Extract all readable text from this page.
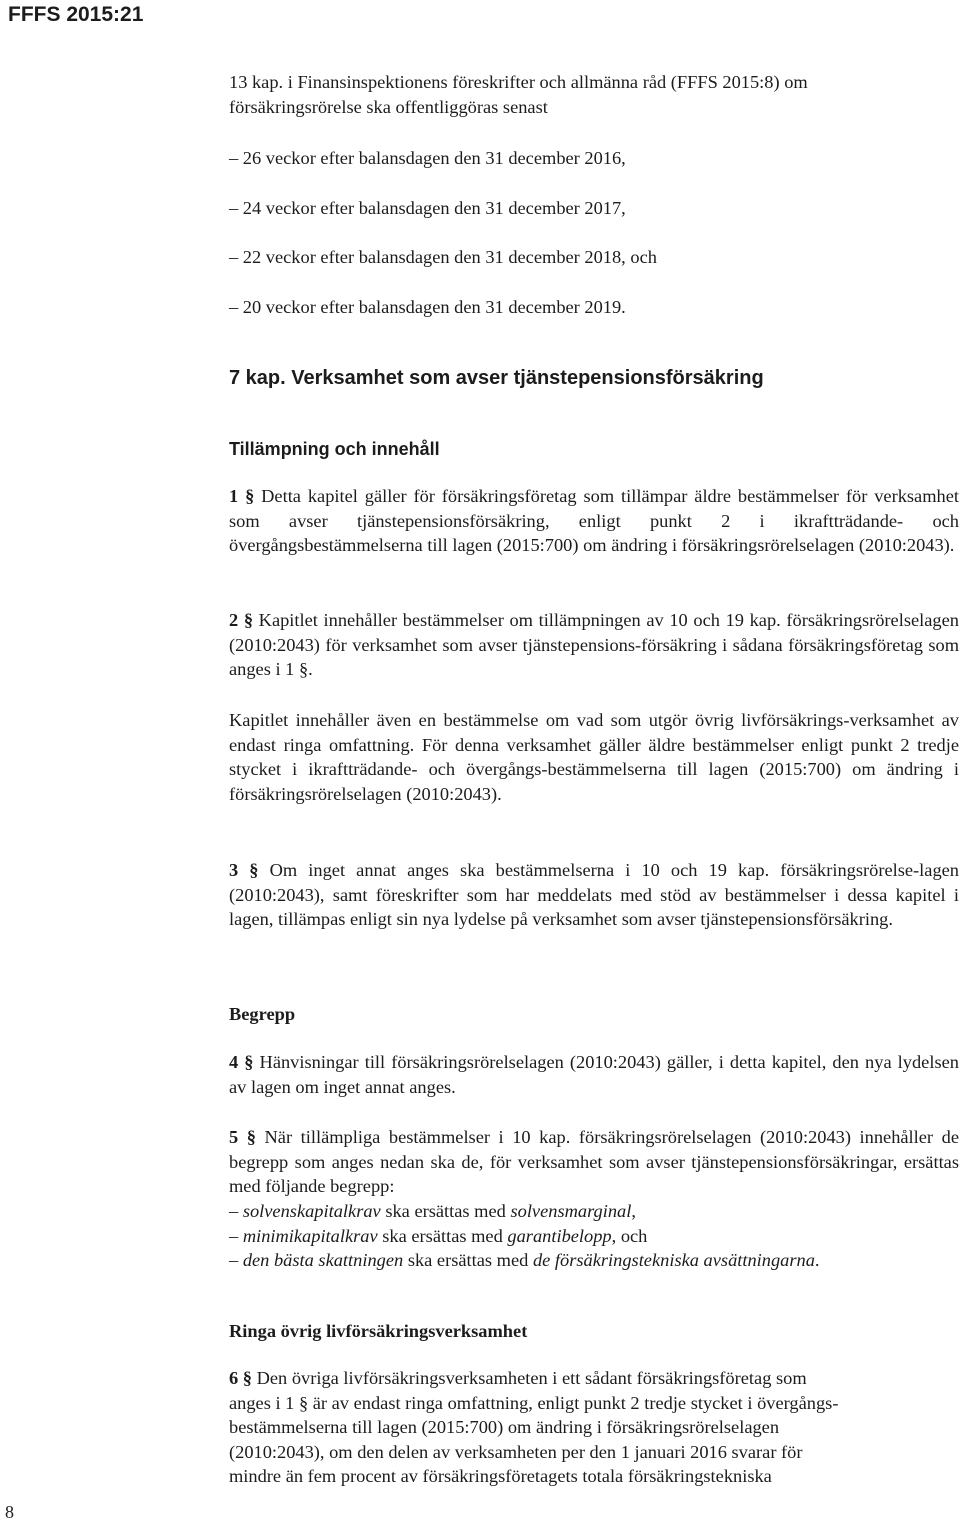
FFFS 2015:21

13 kap. i Finansinspektionens föreskrifter och allmänna råd (FFFS 2015:8) om

försäkringsrörelse ska offentliggöras senast

– 26 veckor efter balansdagen den 31 december 2016,

– 24 veckor efter balansdagen den 31 december 2017,

– 22 veckor efter balansdagen den 31 december 2018, och

– 20 veckor efter balansdagen den 31 december 2019.

7 kap. Verksamhet som avser tjänstepensionsförsäkring
Tillämpning och innehåll
1 § Detta kapitel gäller för försäkringsföretag som tillämpar äldre bestämmelser för verksamhet som avser tjänstepensionsförsäkring, enligt punkt 2 i ikraftträdande- och övergångsbestämmelserna till lagen (2015:700) om ändring i försäkringsrörelselagen (2010:2043).
2 § Kapitlet innehåller bestämmelser om tillämpningen av 10 och 19 kap. försäkringsrörelselagen (2010:2043) för verksamhet som avser tjänstepensions-försäkring i sådana försäkringsföretag som anges i 1 §.
Kapitlet innehåller även en bestämmelse om vad som utgör övrig livförsäkrings-verksamhet av endast ringa omfattning. För denna verksamhet gäller äldre bestämmelser enligt punkt 2 tredje stycket i ikraftträdande- och övergångs-bestämmelserna till lagen (2015:700) om ändring i försäkringsrörelselagen (2010:2043).
3 § Om inget annat anges ska bestämmelserna i 10 och 19 kap. försäkringsrörelse-lagen (2010:2043), samt föreskrifter som har meddelats med stöd av bestämmelser i dessa kapitel i lagen, tillämpas enligt sin nya lydelse på verksamhet som avser tjänstepensionsförsäkring.
Begrepp
4 § Hänvisningar till försäkringsrörelselagen (2010:2043) gäller, i detta kapitel, den nya lydelsen av lagen om inget annat anges.
5 § När tillämpliga bestämmelser i 10 kap. försäkringsrörelselagen (2010:2043) innehåller de begrepp som anges nedan ska de, för verksamhet som avser tjänstepensionsförsäkringar, ersättas med följande begrepp:

– solvenskapitalkrav ska ersättas med solvensmarginal,

– minimikapitalkrav ska ersättas med garantibelopp, och

– den bästa skattningen ska ersättas med de försäkringstekniska avsättningarna.

Ringa övrig livförsäkringsverksamhet

6 § Den övriga livförsäkringsverksamheten i ett sådant försäkringsföretag som

anges i 1 § är av endast ringa omfattning, enligt punkt 2 tredje stycket i övergångs-

bestämmelserna till lagen (2015:700) om ändring i försäkringsrörelselagen

(2010:2043), om den delen av verksamheten per den 1 januari 2016 svarar för

mindre än fem procent av försäkringsföretagets totala försäkringstekniska

8
